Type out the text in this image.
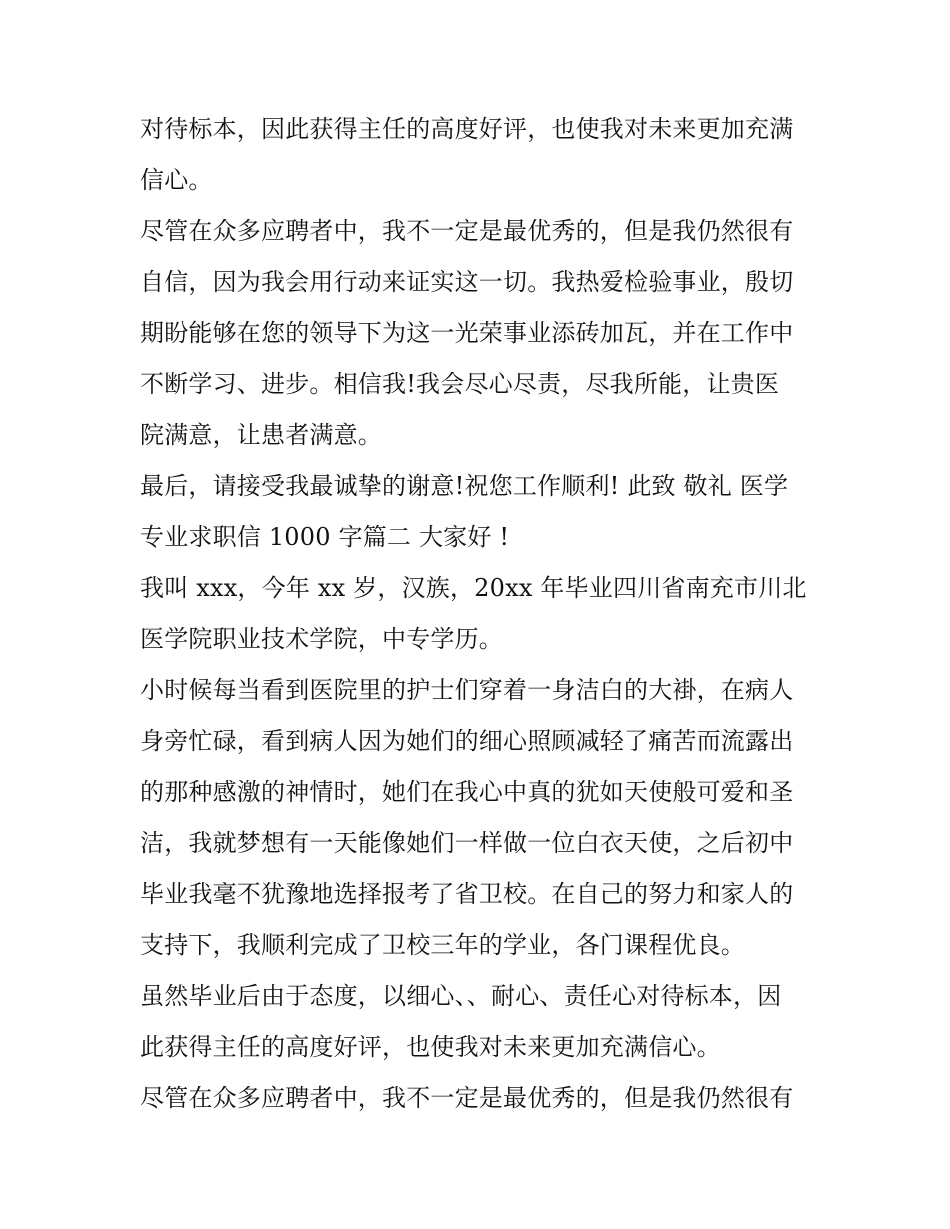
对待标本，因此获得主任的高度好评，也使我对未来更加充满
信心。
尽管在众多应聘者中，我不一定是最优秀的，但是我仍然很有
自信，因为我会用行动来证实这一切。我热爱检验事业，殷切
期盼能够在您的领导下为这一光荣事业添砖加瓦，并在工作中
不断学习、进步。相信我!我会尽心尽责，尽我所能，让贵医
院满意，让患者满意。
最后，请接受我最诚挚的谢意!祝您工作顺利! 此致 敬礼 医学
专业求职信 1000 字篇二 大家好 !
我叫 xxx，今年 xx 岁，汉族，20xx 年毕业四川省南充市川北
医学院职业技术学院，中专学历。
小时候每当看到医院里的护士们穿着一身洁白的大褂，在病人
身旁忙碌，看到病人因为她们的细心照顾减轻了痛苦而流露出
的那种感激的神情时，她们在我心中真的犹如天使般可爱和圣
洁，我就梦想有一天能像她们一样做一位白衣天使，之后初中
毕业我毫不犹豫地选择报考了省卫校。在自己的努力和家人的
支持下，我顺利完成了卫校三年的学业，各门课程优良。
虽然毕业后由于态度，以细心、、耐心、责任心对待标本，因
此获得主任的高度好评，也使我对未来更加充满信心。
尽管在众多应聘者中，我不一定是最优秀的，但是我仍然很有
